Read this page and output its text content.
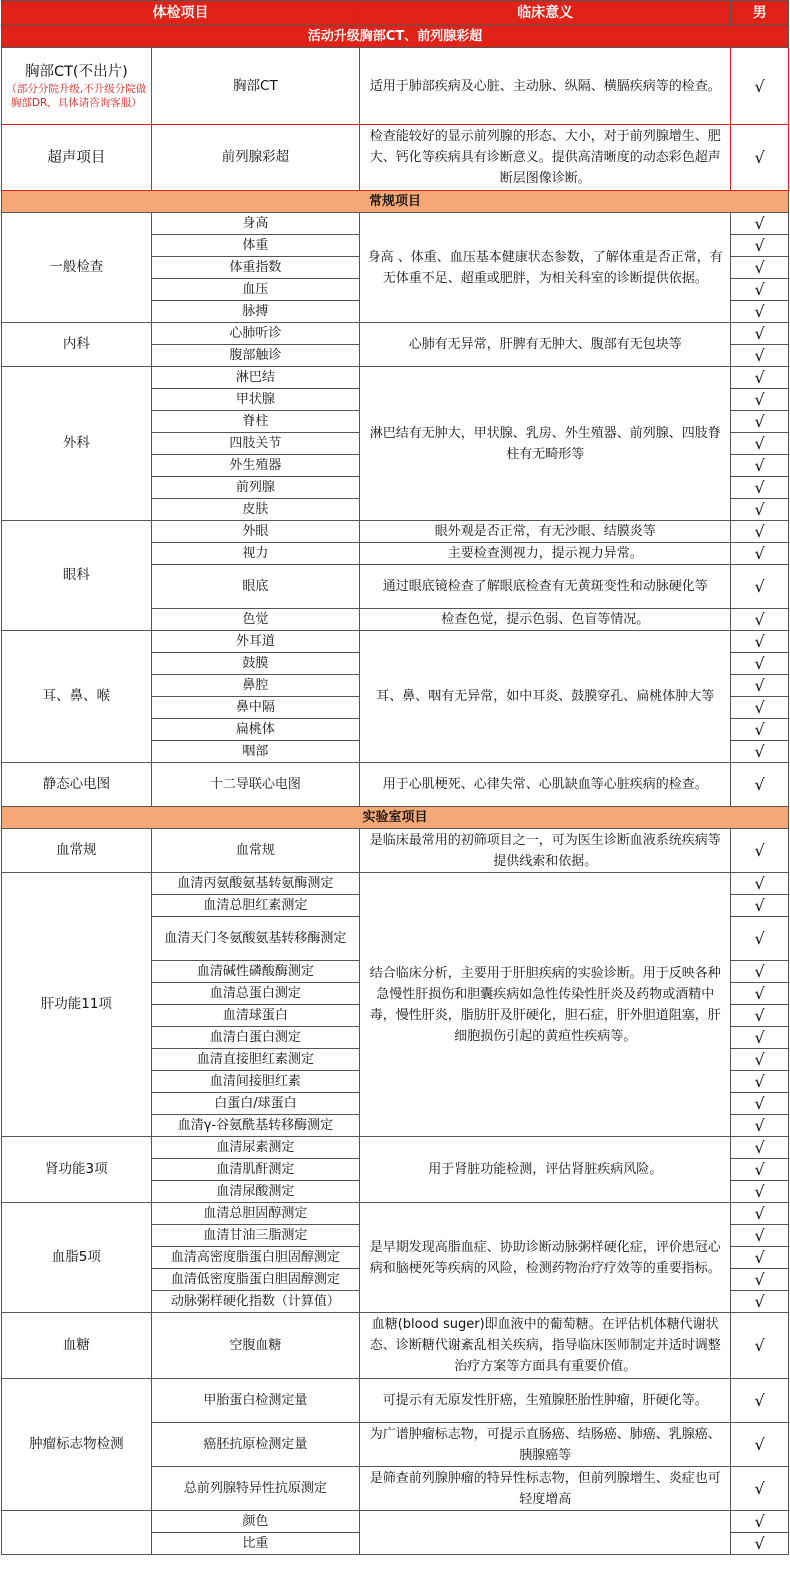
体检项目		临床意义	男
活动升级胸部CT、前列腺彩超			

胸部CT(不出片)
（部分分院升级,不升级分院做胸部DR，具体请咨询客服）	胸部CT	适用于肺部疾病及心脏、主动脉、纵隔、横膈疾病等的检查。	√

超声项目	前列腺彩超	检查能较好的显示前列腺的形态、大小，对于前列腺增生、肥大、钙化等疾病具有诊断意义。提供高清晰度的动态彩色超声断层图像诊断。	√
常规项目			
一般检查	身高	身高 、体重、血压基本健康状态参数，了解体重是否正常，有无体重不足、超重或肥胖，为相关科室的诊断提供依据。	√
	体重		√
	体重指数		√
	血压		√
	脉搏		√
内科	心肺听诊	心肺有无异常，肝脾有无肿大、腹部有无包块等	√
	腹部触诊		√
外科	淋巴结	淋巴结有无肿大，甲状腺、乳房、外生殖器、前列腺、四肢脊柱有无畸形等	√
	甲状腺		√
	脊柱		√
	四肢关节		√
	外生殖器		√
	前列腺		√
	皮肤		√
眼科	外眼	眼外观是否正常，有无沙眼、结膜炎等	√
	视力	主要检查测视力，提示视力异常。	√
	眼底	通过眼底镜检查了解眼底检查有无黄斑变性和动脉硬化等	√
	色觉	检查色觉，提示色弱、色盲等情况。	√
耳、鼻、喉	外耳道	耳、鼻、咽有无异常，如中耳炎、鼓膜穿孔、扁桃体肿大等	√
	鼓膜		√
	鼻腔		√
	鼻中隔		√
	扁桃体		√
	咽部		√
静态心电图	十二导联心电图	用于心肌梗死、心律失常、心肌缺血等心脏疾病的检查。	√
实验室项目			
血常规	血常规	是临床最常用的初筛项目之一，可为医生诊断血液系统疾病等提供线索和依据。	√
肝功能11项	血清丙氨酸氨基转氨酶测定	结合临床分析，主要用于肝胆疾病的实验诊断。用于反映各种急慢性肝损伤和胆囊疾病如急性传染性肝炎及药物或酒精中毒，慢性肝炎，脂肪肝及肝硬化，胆石症，肝外胆道阻塞，肝细胞损伤引起的黄疸性疾病等。	√
	血清总胆红素测定		√
	血清天门冬氨酸氨基转移酶测定		√
	血清碱性磷酸酶测定		√
	血清总蛋白测定		√
	血清球蛋白		√
	血清白蛋白测定		√
	血清直接胆红素测定		√
	血清间接胆红素		√
	白蛋白/球蛋白		√
	血清γ-谷氨酰基转移酶测定		√
肾功能3项	血清尿素测定	用于肾脏功能检测，评估肾脏疾病风险。	√
	血清肌酐测定		√
	血清尿酸测定		√
血脂5项	血清总胆固醇测定	是早期发现高脂血症、协助诊断动脉粥样硬化症，评价患冠心病和脑梗死等疾病的风险，检测药物治疗疗效等的重要指标。	√
	血清甘油三脂测定		√
	血清高密度脂蛋白胆固醇测定		√
	血清低密度脂蛋白胆固醇测定		√
	动脉粥样硬化指数（计算值）		√
血糖	空腹血糖	血糖(blood suger)即血液中的葡萄糖。在评估机体糖代谢状态、诊断糖代谢紊乱相关疾病，指导临床医师制定并适时调整治疗方案等方面具有重要价值。	√
肿瘤标志物检测	甲胎蛋白检测定量	可提示有无原发性肝癌，生殖腺胚胎性肿瘤，肝硬化等。	√
	癌胚抗原检测定量	为广谱肿瘤标志物，可提示直肠癌、结肠癌、肺癌、乳腺癌、胰腺癌等	√
	总前列腺特异性抗原测定	是筛查前列腺肿瘤的特异性标志物，但前列腺增生、炎症也可轻度增高	√
	颜色		√
	比重		√
